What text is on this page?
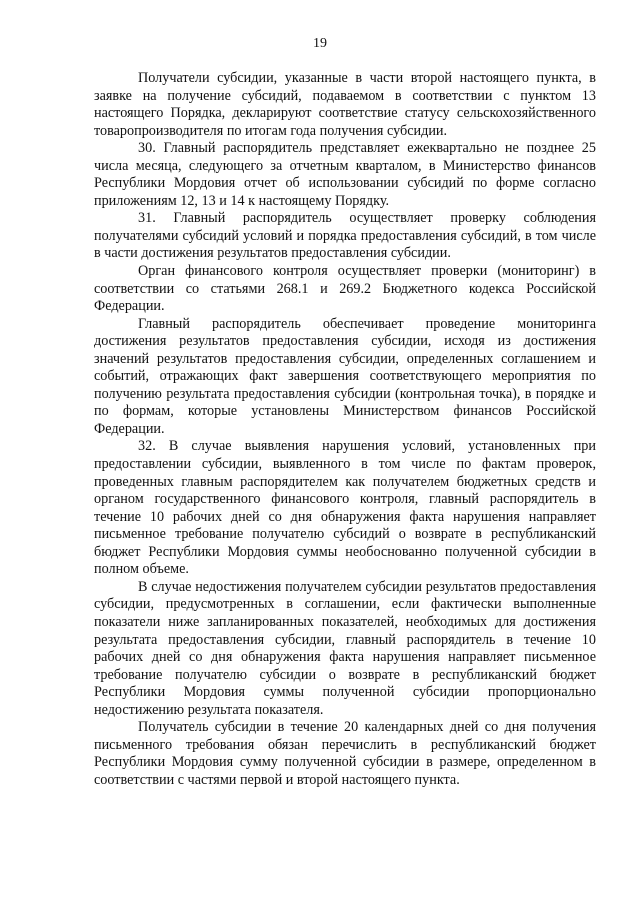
19

Получатели субсидии, указанные в части второй настоящего пункта, в заявке на получение субсидий, подаваемом в соответствии с пунктом 13 настоящего Порядка, декларируют соответствие статусу сельскохозяйственного товаропроизводителя по итогам года получения субсидии.

30. Главный распорядитель представляет ежеквартально не позднее 25 числа месяца, следующего за отчетным кварталом, в Министерство финансов Республики Мордовия отчет об использовании субсидий по форме согласно приложениям 12, 13 и 14 к настоящему Порядку.

31. Главный распорядитель осуществляет проверку соблюдения получателями субсидий условий и порядка предоставления субсидий, в том числе в части достижения результатов предоставления субсидии.

Орган финансового контроля осуществляет проверки (мониторинг) в соответствии со статьями 268.1 и 269.2 Бюджетного кодекса Российской Федерации.

Главный распорядитель обеспечивает проведение мониторинга достижения результатов предоставления субсидии, исходя из достижения значений результатов предоставления субсидии, определенных соглашением и событий, отражающих факт завершения соответствующего мероприятия по получению результата предоставления субсидии (контрольная точка), в порядке и по формам, которые установлены Министерством финансов Российской Федерации.

32. В случае выявления нарушения условий, установленных при предоставлении субсидии, выявленного в том числе по фактам проверок, проведенных главным распорядителем как получателем бюджетных средств и органом государственного финансового контроля, главный распорядитель в течение 10 рабочих дней со дня обнаружения факта нарушения направляет письменное требование получателю субсидий о возврате в республиканский бюджет Республики Мордовия суммы необоснованно полученной субсидии в полном объеме.

В случае недостижения получателем субсидии результатов предоставления субсидии, предусмотренных в соглашении, если фактически выполненные показатели ниже запланированных показателей, необходимых для достижения результата предоставления субсидии, главный распорядитель в течение 10 рабочих дней со дня обнаружения факта нарушения направляет письменное требование получателю субсидии о возврате в республиканский бюджет Республики Мордовия суммы полученной субсидии пропорционально недостижению результата показателя.

Получатель субсидии в течение 20 календарных дней со дня получения письменного требования обязан перечислить в республиканский бюджет Республики Мордовия сумму полученной субсидии в размере, определенном в соответствии с частями первой и второй настоящего пункта.
